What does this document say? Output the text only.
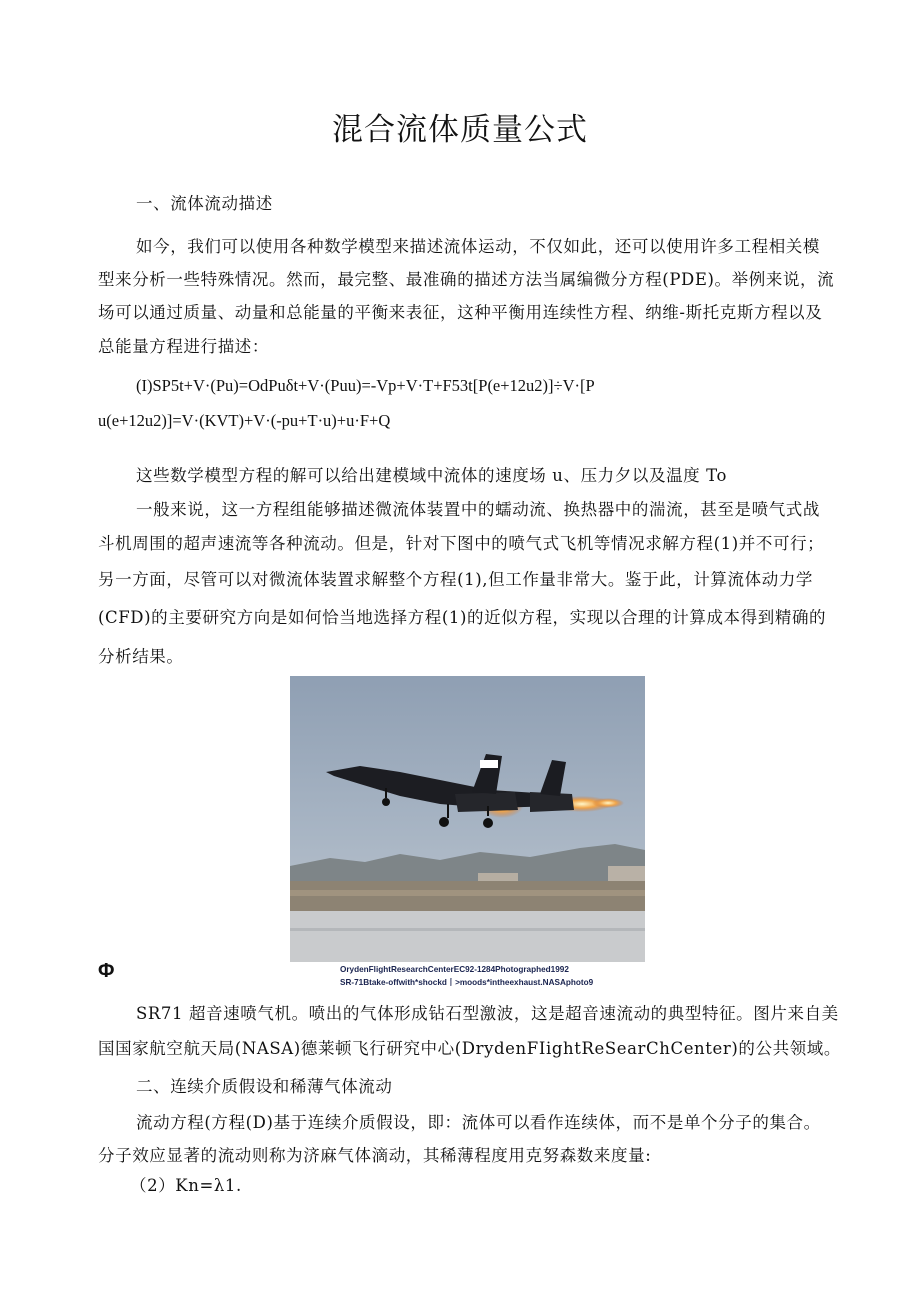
混合流体质量公式
一、流体流动描述
如今，我们可以使用各种数学模型来描述流体运动，不仅如此，还可以使用许多工程相关模
型来分析一些特殊情况。然而，最完整、最准确的描述方法当属编微分方程(PDE)。举例来说，流
场可以通过质量、动量和总能量的平衡来表征，这种平衡用连续性方程、纳维-斯托克斯方程以及
总能量方程进行描述：
(I)SP5t+V·(Pu)=OdPuδt+V·(Puu)=-Vp+V·T+F53t[P(e+12u2)]÷V·[P
u(e+12u2)]=V·(KVT)+V·(-pu+T·u)+u·F+Q
这些数学模型方程的解可以给出建模域中流体的速度场 u、压力夕以及温度 To
一般来说，这一方程组能够描述微流体装置中的蠕动流、换热器中的湍流，甚至是喷气式战
斗机周围的超声速流等各种流动。但是，针对下图中的喷气式飞机等情况求解方程(1)并不可行；
另一方面，尽管可以对微流体装置求解整个方程(1),但工作量非常大。鉴于此，计算流体动力学
(CFD)的主要研究方向是如何恰当地选择方程(1)的近似方程，实现以合理的计算成本得到精确的
分析结果。
Φ	OrydenFlightResearchCenterEC92-1284Photographed1992
SR-71Btake-offwith*shockd丨>moods*intheexhaust.NASAphoto9
SR71 超音速喷气机。喷出的气体形成钻石型激波，这是超音速流动的典型特征。图片来自美
国国家航空航天局(NASA)德莱顿飞行研究中心(DrydenFIightReSearChCenter)的公共领域。
二、连续介质假设和稀薄气体流动
流动方程(方程(D)基于连续介质假设，即：流体可以看作连续体，而不是单个分子的集合。
分子效应显著的流动则称为济麻气体滴动，其稀薄程度用克努森数来度量:
（2）Kn=λ1.
